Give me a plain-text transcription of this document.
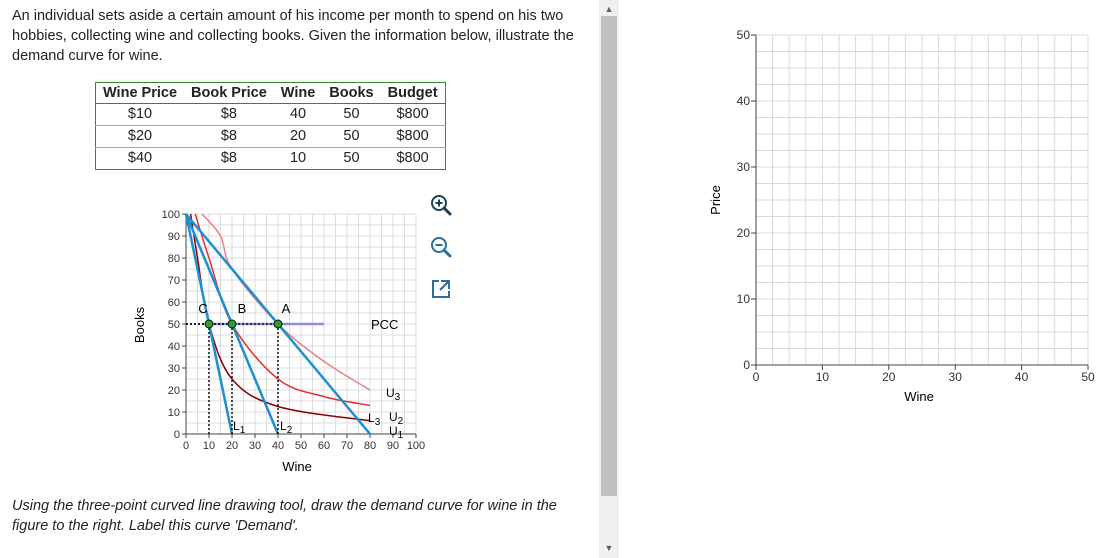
An individual sets aside a certain amount of his income per month to spend on his two hobbies, collecting wine and collecting books. Given the information below, illustrate the demand curve for wine.
Wine Price	Book Price	Wine	Books	Budget
$10	$8	40	50	$800
$20	$8	20	50	$800
$40	$8	10	50	$800
0 10 20 30 40 50 60 70 80 90 100
0
10
20
30
40
50
60
70
80
90
100
Wine
Books	C B	A
PCC
$L_1$	$L_2$
$L_3$
$U_3$
$U_2$
$U_1$
Using the three-point curved line drawing tool, draw the demand curve for wine in the figure to the right. Label this curve 'Demand'.
▲
▼
0	10	20	30	40	50
0
10
20
30
40
50
Wine
Price
